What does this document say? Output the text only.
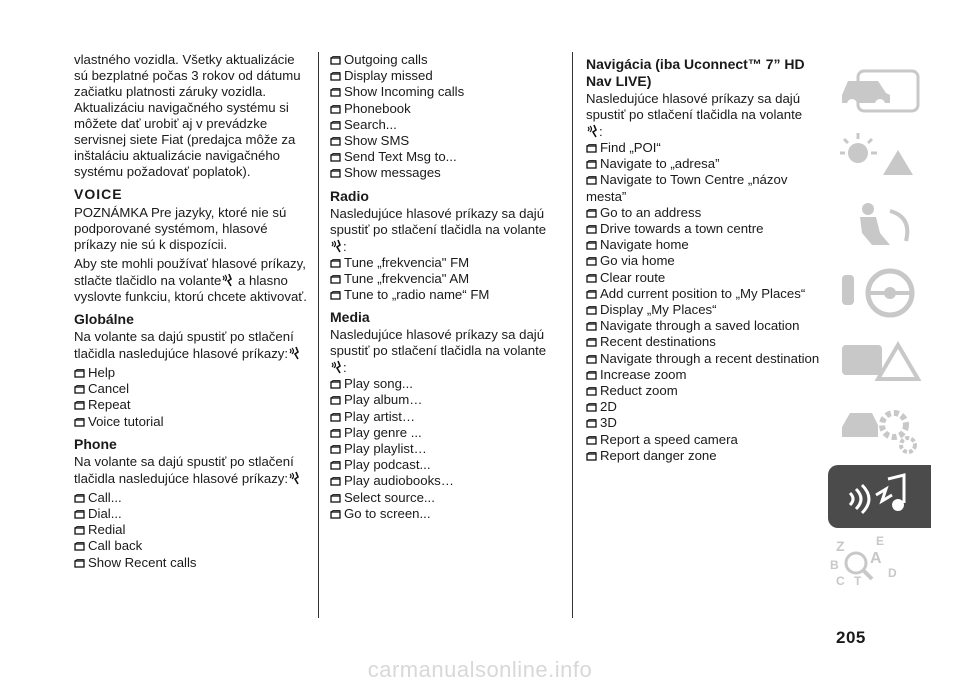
vlastného vozidla. Všetky aktualizácie sú bezplatné počas 3 rokov od dátumu začiatku platnosti záruky vozidla. Aktualizáciu navigačného systému si môžete dať urobiť aj v prevádzke servisnej siete Fiat (predajca môže za inštaláciu aktualizácie navigačného systému požadovať poplatok).

VOICE

POZNÁMKA Pre jazyky, ktoré nie sú podporované systémom, hlasové príkazy nie sú k dispozícii.

Aby ste mohli používať hlasové príkazy, stlačte tlačidlo na volante a hlasno vyslovte funkciu, ktorú chcete aktivovať.

Globálne

Na volante sa dajú spustiť po stlačení tlačidla nasledujúce hlasové príkazy:

Help
Cancel
Repeat
Voice tutorial
Phone

Na volante sa dajú spustiť po stlačení tlačidla nasledujúce hlasové príkazy:

Call...
Dial...
Redial
Call back
Show Recent calls
Outgoing calls
Display missed
Show Incoming calls
Phonebook
Search...
Show SMS
Send Text Msg to...
Show messages
Radio

Nasledujúce hlasové príkazy sa dajú spustiť po stlačení tlačidla na volante

:

Tune „frekvencia" FM
Tune „frekvencia" AM
Tune to „radio name“ FM
Media

Nasledujúce hlasové príkazy sa dajú spustiť po stlačení tlačidla na volante

:

Play song...
Play album…
Play artist…
Play genre ...
Play playlist…
Play podcast...
Play audiobooks…
Select source...
Go to screen...
Navigácia (iba Uconnect™ 7” HD Nav LIVE)

Nasledujúce hlasové príkazy sa dajú spustiť po stlačení tlačidla na volante

:

Find „POI“
Navigate to „adresa”
Navigate to Town Centre „názov mesta”
Go to an address
Drive towards a town centre
Navigate home
Go via home
Clear route
Add current position to „My Places“
Display „My Places“
Navigate through a saved location
Recent destinations
Navigate through a recent destination
Increase zoom
Reduct zoom
2D
3D
Report a speed camera
Report danger zone
Z	E
A
B
C T
D
205
carmanualsonline.info
